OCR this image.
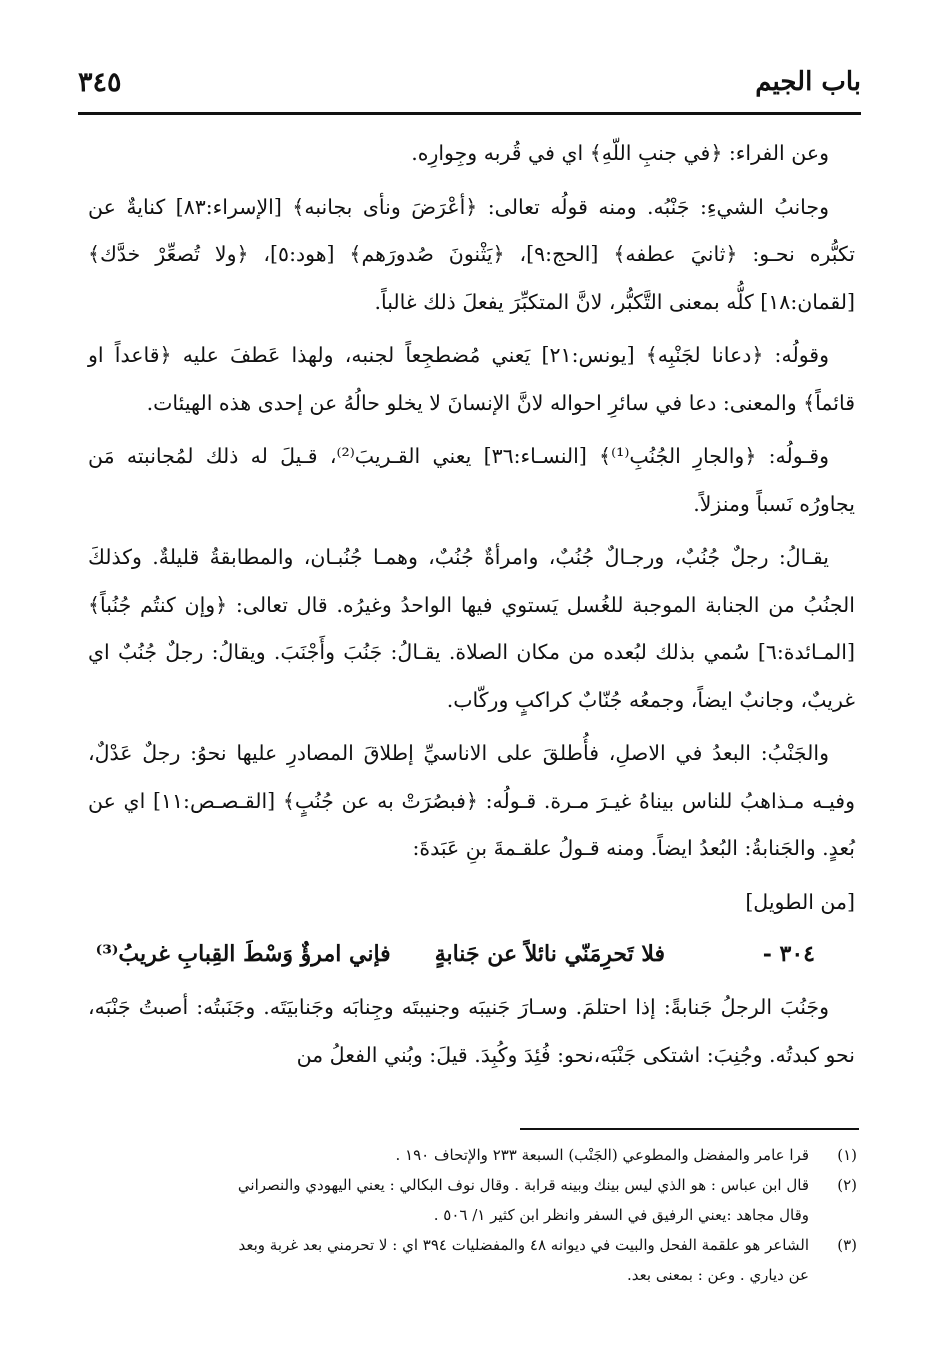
باب الجيم
٣٤٥

وعن الفراء: ﴿في جنبِ اللّهِ﴾ اي في قُربه وجِوارِه.

وجانبُ الشيءِ: جَنْبُه. ومنه قولُه تعالى: ﴿أعْرَضَ ونأى بجانبه﴾ [الإسراء:٨٣] كنايةٌ عن تكبُّره نحـو: ﴿ثانيَ عطفه﴾ [الحج:٩]، ﴿يَثْنونَ صُدورَهم﴾ [هود:٥]، ﴿ولا تُصعِّرْ خدَّك﴾ [لقمان:١٨] كلُّه بمعنى التَّكبُّر، لانَّ المتكبِّرَ يفعلَ ذلك غالباً.

وقولُه: ﴿دعانا لجَنْبِه﴾ [يونس:٢١] يَعني مُضطجِعاً لجنبه، ولهذا عَطفَ عليه ﴿قاعداً او قائماً﴾ والمعنى: دعا في سائرِ احواله لانَّ الإنسانَ لا يخلو حالُهُ عن إحدى هذه الهيئات.

وقـولُه: ﴿والجارِ الجُنُبِ⁽¹⁾﴾ [النسـاء:٣٦] يعني القـريبَ⁽²⁾، قـيلَ له ذلك لمُجانبته مَن يجاورُه نَسباً ومنزلاً.

يقـالُ: رجلٌ جُنُبٌ، ورجـالٌ جُنُبٌ، وامرأةٌ جُنُبٌ، وهمـا جُنُبـان، والمطابقةُ قليلةٌ. وكذلكَ الجنُبُ من الجنابة الموجبة للغُسل يَستوي فيها الواحدُ وغيرُه. قال تعالى: ﴿وإن كنتُم جُنُباً﴾ [المـائدة:٦] سُمي بذلك لبُعده من مكان الصلاة. يقـالُ: جَنُبَ وأَجْنَبَ. ويقالُ: رجلٌ جُنُبٌ اي غريبٌ، وجانبٌ ايضاً، وجمعُه جُنّابٌ كراكبٍ وركّاب.

والجَنْبُ: البعدُ في الاصلِ، فأُطلقَ على الاناسيِّ إطلاقَ المصادرِ عليها نحوُ: رجلٌ عَدْلٌ، وفيـه مـذاهبُ للناس بيناهُ غيـرَ مـرة. قـولُه: ﴿فبصُرَتْ به عن جُنُبٍ﴾ [القـصـص:١١] اي عن بُعدٍ. والجَنابةُ: البُعدُ ايضاً. ومنه قـولُ علقـمةَ بنِ عَبَدةَ:

[من الطويل]

٣٠٤ -
فلا تَحرِمَنّي نائلاً عن جَنابةٍ
فإني امرؤٌ وَسْطَ القِبابِ غريبُ⁽³⁾

وجَنُبَ الرجلُ جَنابةً: إذا احتلمَ. وسـارَ جَنيبَه وجنيبتَه وجِنابَه وجَنابيَتَه. وجَنَبتُه: أصبتُ جَنْبَه، نحو كبدتُه. وجُنِبَ: اشتكى جَنْبَه،نحو: فُئِدَ وكُبِدَ. قيلَ: وبُني الفعلُ من

(١)
قرا عامر والمفضل والمطوعي (الجَنْب) السبعة ٢٣٣ والإتحاف ١٩٠ .
(٢)
قال ابن عباس : هو الذي ليس بينك وبينه قرابة . وقال نوف البكالي : يعني اليهودي والنصراني
وقال مجاهد :يعني الرفيق في السفر وانظر ابن كثير ١/ ٥٠٦ .
(٣)
الشاعر هو علقمة الفحل والبيت في ديوانه ٤٨ والمفضليات ٣٩٤ اي : لا تحرمني بعد غربة وبعد
عن دياري . وعن : بمعنى بعد.
